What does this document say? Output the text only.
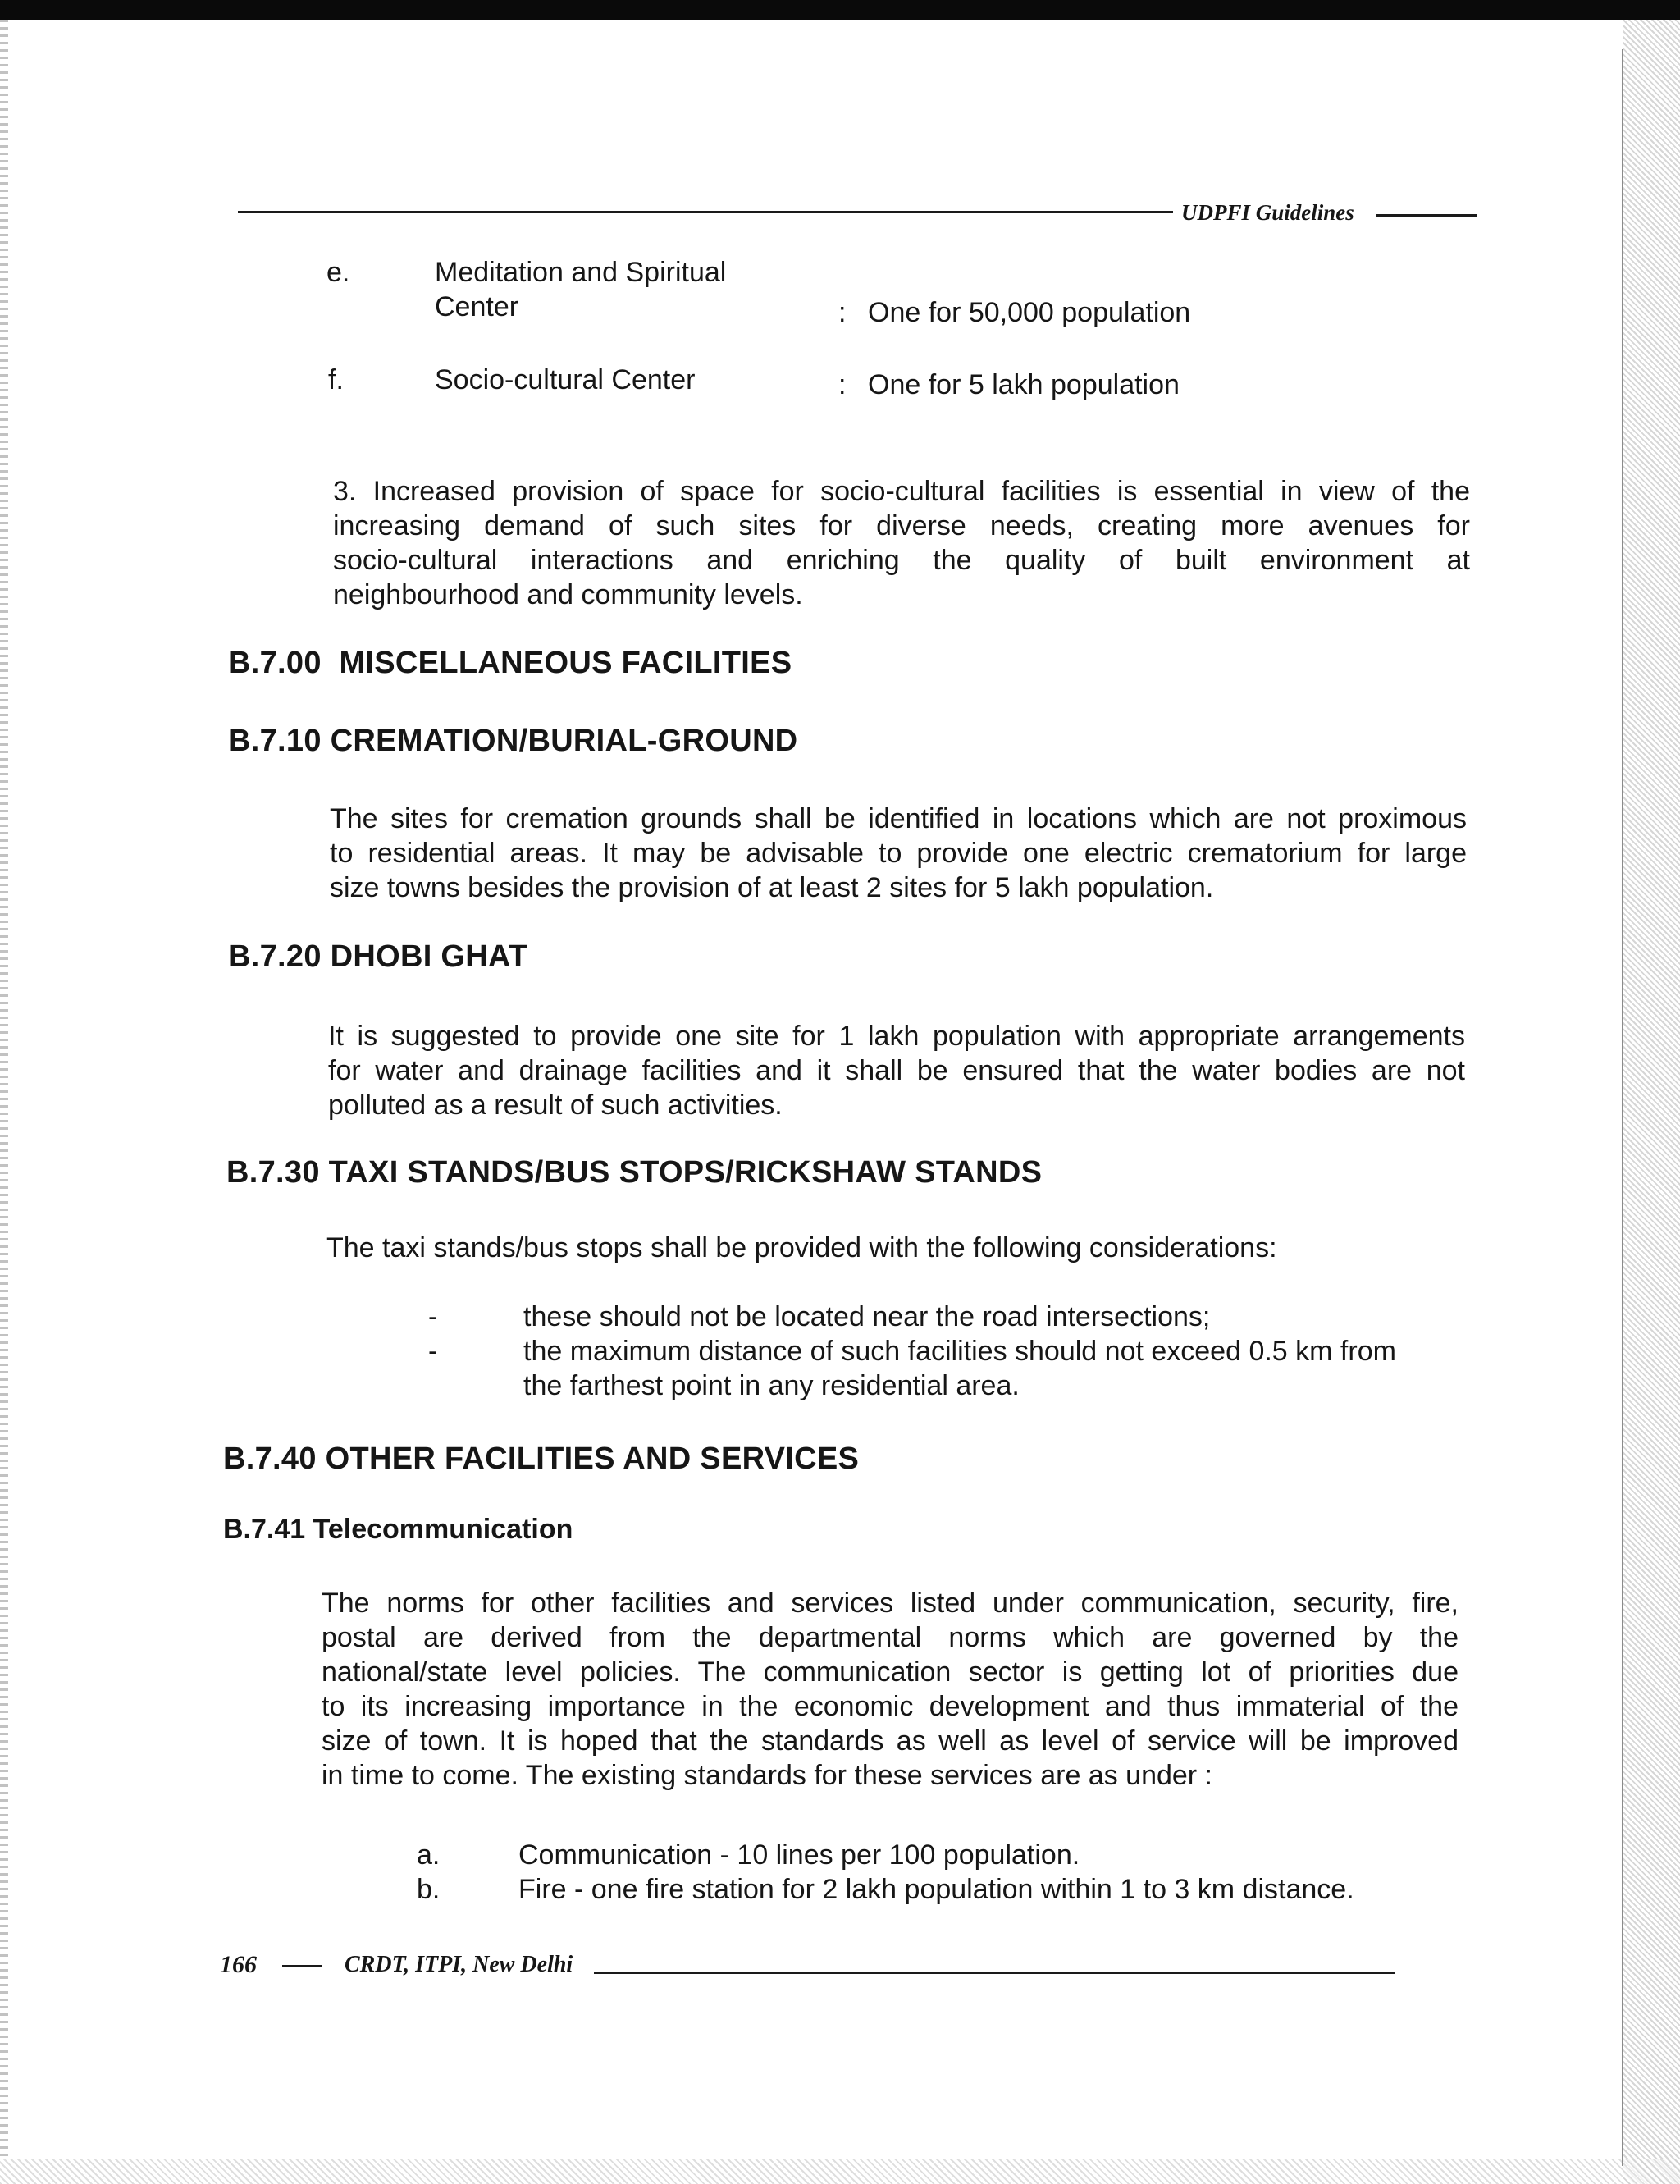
UDPFI Guidelines
e.	Meditation and Spiritual
Center	: One for 50,000 population
f.	Socio-cultural Center	: One for 5 lakh population
3. Increased provision of space for socio-cultural facilities is essential in view of the
increasing demand of such sites for diverse needs, creating more avenues for
socio-cultural interactions and enriching the quality of built environment at
neighbourhood and community levels.
B.7.00  MISCELLANEOUS FACILITIES
B.7.10 CREMATION/BURIAL-GROUND
The sites for cremation grounds shall be identified in locations which are not proximous
to residential areas. It may be advisable to provide one electric crematorium for large
size towns besides the provision of at least 2 sites for 5 lakh population.
B.7.20 DHOBI GHAT
It is suggested to provide one site for 1 lakh population with appropriate arrangements
for water and drainage facilities and it shall be ensured that the water bodies are not
polluted as a result of such activities.
B.7.30 TAXI STANDS/BUS STOPS/RICKSHAW STANDS
The taxi stands/bus stops shall be provided with the following considerations:
-	these should not be located near the road intersections;
-	the maximum distance of such facilities should not exceed 0.5 km from
the farthest point in any residential area.
B.7.40 OTHER FACILITIES AND SERVICES
B.7.41 Telecommunication
The norms for other facilities and services listed under communication, security, fire,
postal are derived from the departmental norms which are governed by the
national/state level policies. The communication sector is getting lot of priorities due
to its increasing importance in the economic development and thus immaterial of the
size of town. It is hoped that the standards as well as level of service will be improved
in time to come. The existing standards for these services are as under :
a.	Communication - 10 lines per 100 population.
b.	Fire - one fire station for 2 lakh population within 1 to 3 km distance.
166	CRDT, ITPI, New Delhi
